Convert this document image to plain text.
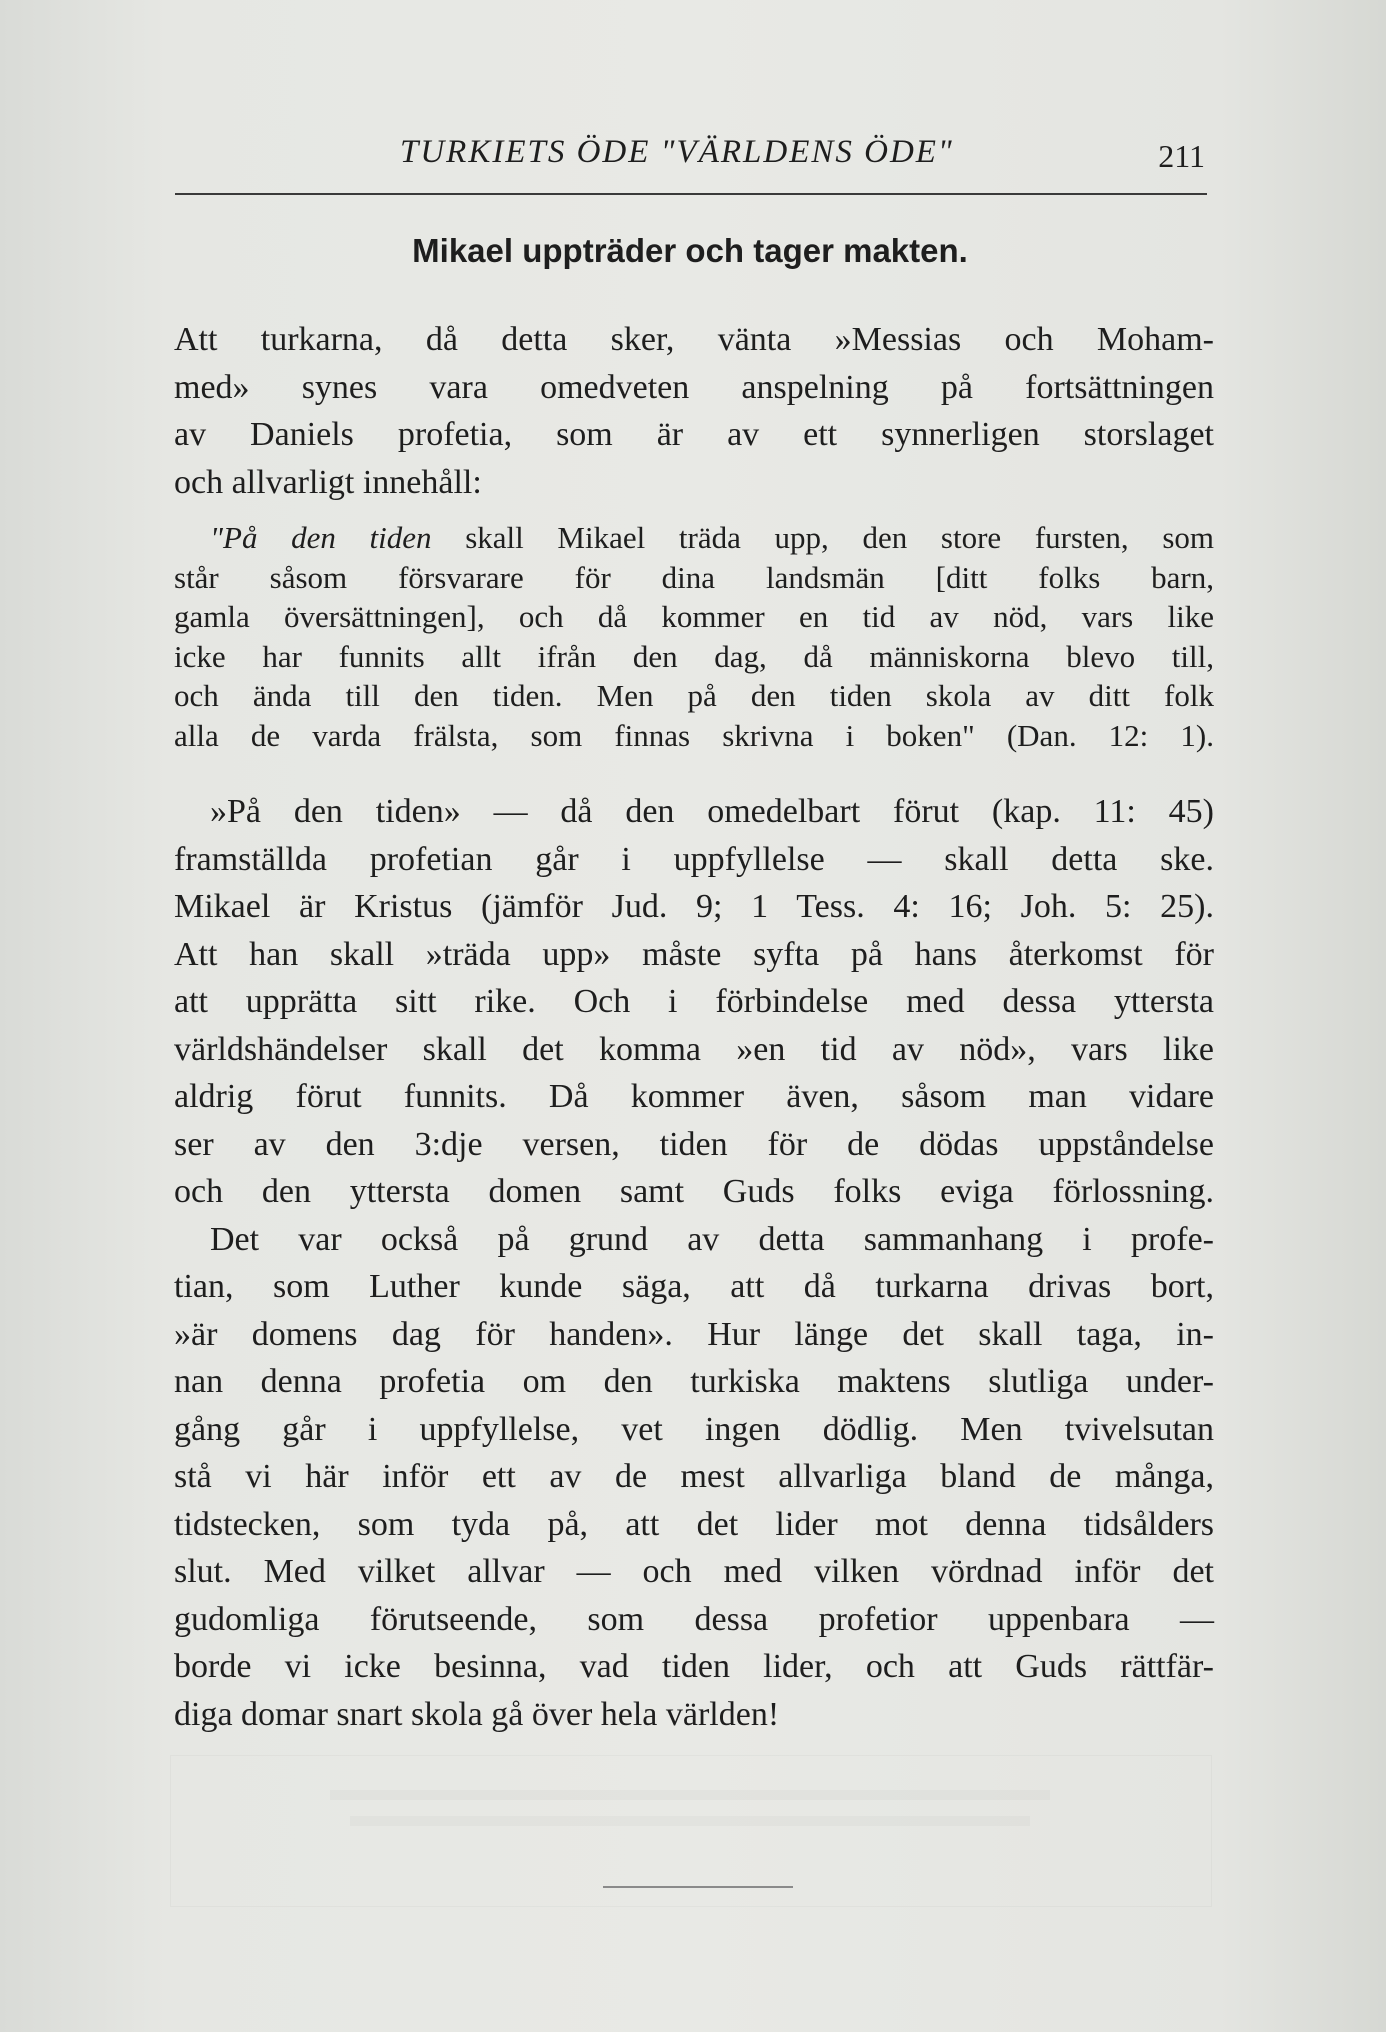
TURKIETS ÖDE "VÄRLDENS ÖDE"	211
Mikael uppträder och tager makten.
Att turkarna, då detta sker, vänta »Messias och Moham-
med» synes vara omedveten anspelning på fortsättningen
av Daniels profetia, som är av ett synnerligen storslaget
och allvarligt innehåll:
"På den tiden skall Mikael träda upp, den store fursten, som
står såsom försvarare för dina landsmän [ditt folks barn,
gamla översättningen], och då kommer en tid av nöd, vars like
icke har funnits allt ifrån den dag, då människorna blevo till,
och ända till den tiden. Men på den tiden skola av ditt folk
alla de varda frälsta, som finnas skrivna i boken" (Dan. 12: 1).
»På den tiden» — då den omedelbart förut (kap. 11: 45)
framställda profetian går i uppfyllelse — skall detta ske.
Mikael är Kristus (jämför Jud. 9; 1 Tess. 4: 16; Joh. 5: 25).
Att han skall »träda upp» måste syfta på hans återkomst för
att upprätta sitt rike. Och i förbindelse med dessa yttersta
världshändelser skall det komma »en tid av nöd», vars like
aldrig förut funnits. Då kommer även, såsom man vidare
ser av den 3:dje versen, tiden för de dödas uppståndelse
och den yttersta domen samt Guds folks eviga förlossning.
Det var också på grund av detta sammanhang i profe-
tian, som Luther kunde säga, att då turkarna drivas bort,
»är domens dag för handen». Hur länge det skall taga, in-
nan denna profetia om den turkiska maktens slutliga under-
gång går i uppfyllelse, vet ingen dödlig. Men tvivelsutan
stå vi här inför ett av de mest allvarliga bland de många,
tidstecken, som tyda på, att det lider mot denna tidsålders
slut. Med vilket allvar — och med vilken vördnad inför det
gudomliga förutseende, som dessa profetior uppenbara —
borde vi icke besinna, vad tiden lider, och att Guds rättfär-
diga domar snart skola gå över hela världen!
